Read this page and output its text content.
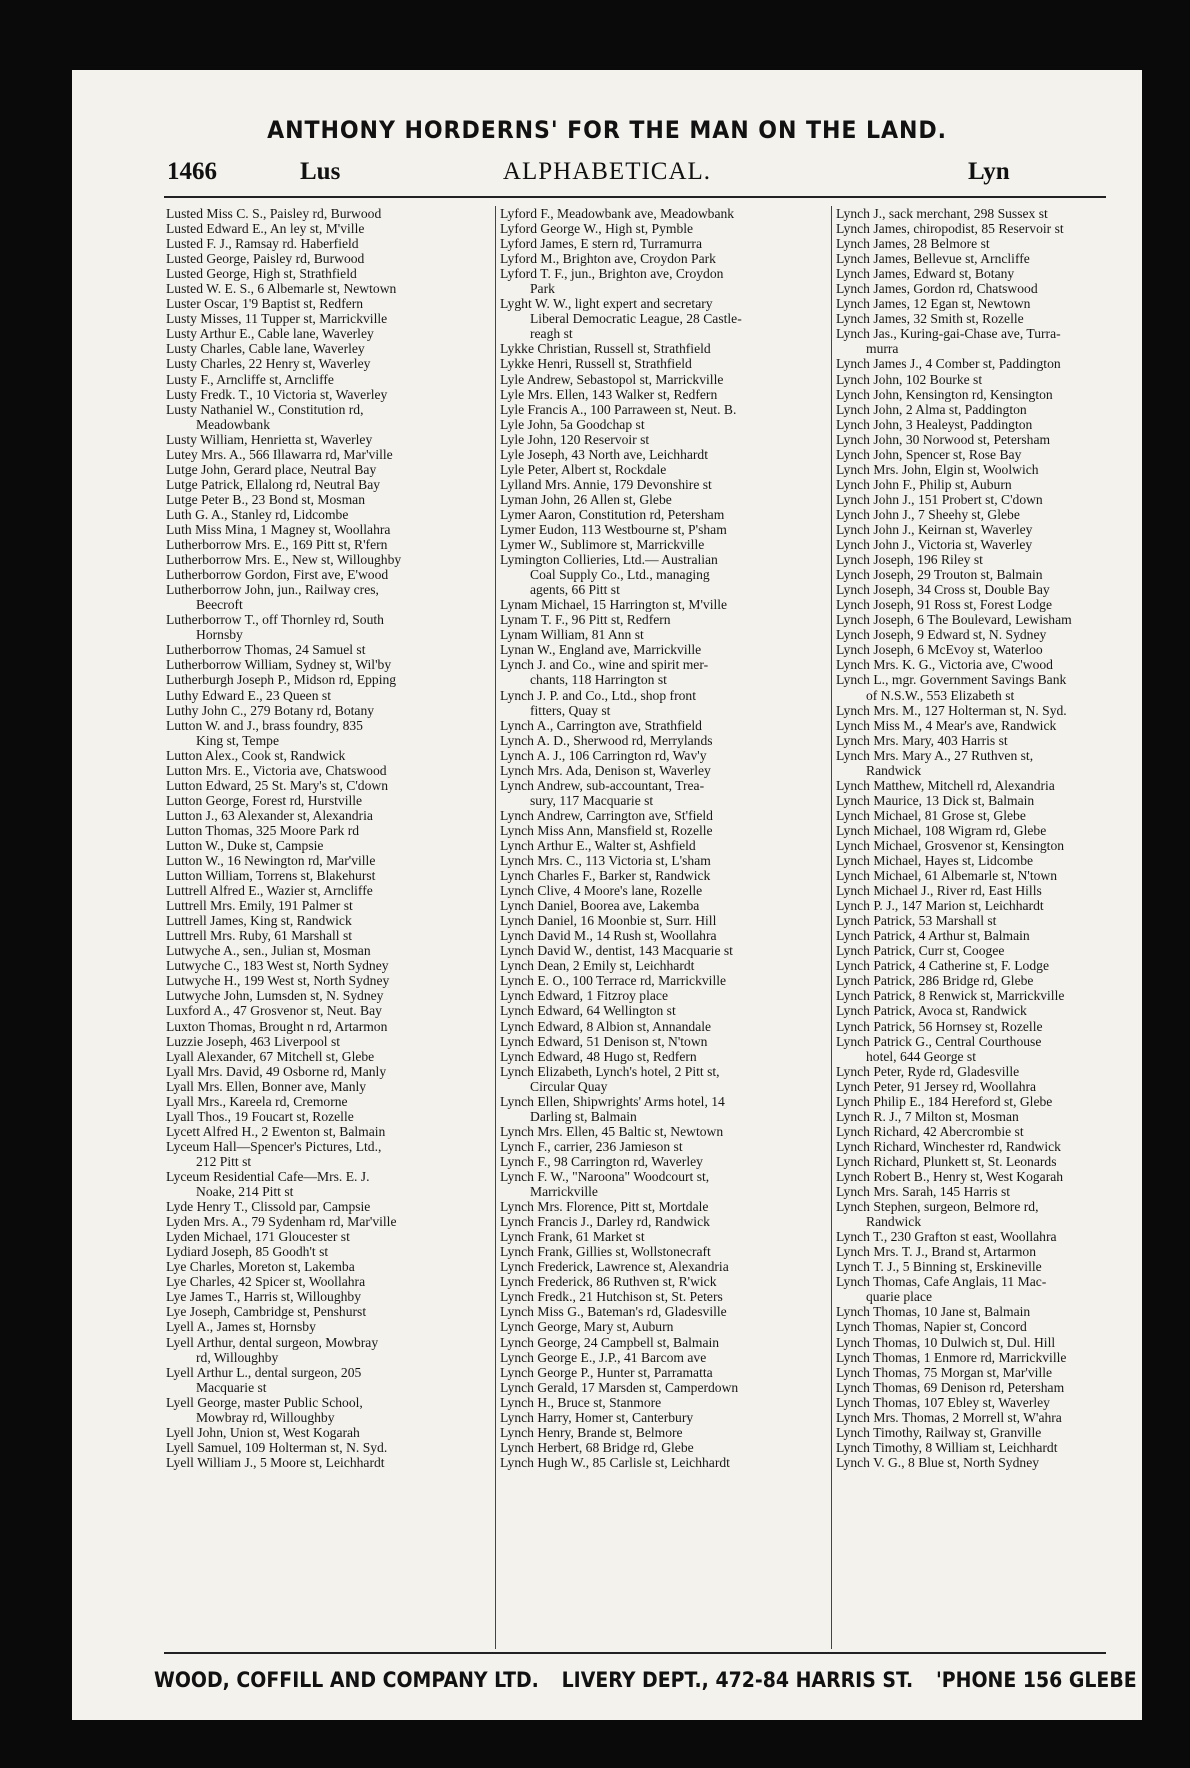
ANTHONY HORDERNS' FOR THE MAN ON THE LAND.
1466	Lus	ALPHABETICAL.	Lyn
Lusted Miss C. S., Paisley rd, Burwood
Lusted Edward E., An ley st, M'ville
Lusted F. J., Ramsay rd. Haberfield
Lusted George, Paisley rd, Burwood
Lusted George, High st, Strathfield
Lusted W. E. S., 6 Albemarle st, Newtown
Luster Oscar, 1'9 Baptist st, Redfern
Lusty Misses, 11 Tupper st, Marrickville
Lusty Arthur E., Cable lane, Waverley
Lusty Charles, Cable lane, Waverley
Lusty Charles, 22 Henry st, Waverley
Lusty F., Arncliffe st, Arncliffe
Lusty Fredk. T., 10 Victoria st, Waverley
Lusty Nathaniel W., Constitution rd,
Meadowbank
Lusty William, Henrietta st, Waverley
Lutey Mrs. A., 566 Illawarra rd, Mar'ville
Lutge John, Gerard place, Neutral Bay
Lutge Patrick, Ellalong rd, Neutral Bay
Lutge Peter B., 23 Bond st, Mosman
Luth G. A., Stanley rd, Lidcombe
Luth Miss Mina, 1 Magney st, Woollahra
Lutherborrow Mrs. E., 169 Pitt st, R'fern
Lutherborrow Mrs. E., New st, Willoughby
Lutherborrow Gordon, First ave, E'wood
Lutherborrow John, jun., Railway cres,
Beecroft
Lutherborrow T., off Thornley rd, South
Hornsby
Lutherborrow Thomas, 24 Samuel st
Lutherborrow William, Sydney st, Wil'by
Lutherburgh Joseph P., Midson rd, Epping
Luthy Edward E., 23 Queen st
Luthy John C., 279 Botany rd, Botany
Lutton W. and J., brass foundry, 835
King st, Tempe
Lutton Alex., Cook st, Randwick
Lutton Mrs. E., Victoria ave, Chatswood
Lutton Edward, 25 St. Mary's st, C'down
Lutton George, Forest rd, Hurstville
Lutton J., 63 Alexander st, Alexandria
Lutton Thomas, 325 Moore Park rd
Lutton W., Duke st, Campsie
Lutton W., 16 Newington rd, Mar'ville
Lutton William, Torrens st, Blakehurst
Luttrell Alfred E., Wazier st, Arncliffe
Luttrell Mrs. Emily, 191 Palmer st
Luttrell James, King st, Randwick
Luttrell Mrs. Ruby, 61 Marshall st
Lutwyche A., sen., Julian st, Mosman
Lutwyche C., 183 West st, North Sydney
Lutwyche H., 199 West st, North Sydney
Lutwyche John, Lumsden st, N. Sydney
Luxford A., 47 Grosvenor st, Neut. Bay
Luxton Thomas, Brought n rd, Artarmon
Luzzie Joseph, 463 Liverpool st
Lyall Alexander, 67 Mitchell st, Glebe
Lyall Mrs. David, 49 Osborne rd, Manly
Lyall Mrs. Ellen, Bonner ave, Manly
Lyall Mrs., Kareela rd, Cremorne
Lyall Thos., 19 Foucart st, Rozelle
Lycett Alfred H., 2 Ewenton st, Balmain
Lyceum Hall—Spencer's Pictures, Ltd.,
212 Pitt st
Lyceum Residential Cafe—Mrs. E. J.
Noake, 214 Pitt st
Lyde Henry T., Clissold par, Campsie
Lyden Mrs. A., 79 Sydenham rd, Mar'ville
Lyden Michael, 171 Gloucester st
Lydiard Joseph, 85 Goodh't st
Lye Charles, Moreton st, Lakemba
Lye Charles, 42 Spicer st, Woollahra
Lye James T., Harris st, Willoughby
Lye Joseph, Cambridge st, Penshurst
Lyell A., James st, Hornsby
Lyell Arthur, dental surgeon, Mowbray
rd, Willoughby
Lyell Arthur L., dental surgeon, 205
Macquarie st
Lyell George, master Public School,
Mowbray rd, Willoughby
Lyell John, Union st, West Kogarah
Lyell Samuel, 109 Holterman st, N. Syd.
Lyell William J., 5 Moore st, Leichhardt
Lyford F., Meadowbank ave, Meadowbank
Lyford George W., High st, Pymble
Lyford James, E stern rd, Turramurra
Lyford M., Brighton ave, Croydon Park
Lyford T. F., jun., Brighton ave, Croydon
Park
Lyght W. W., light expert and secretary
Liberal Democratic League, 28 Castle-
reagh st
Lykke Christian, Russell st, Strathfield
Lykke Henri, Russell st, Strathfield
Lyle Andrew, Sebastopol st, Marrickville
Lyle Mrs. Ellen, 143 Walker st, Redfern
Lyle Francis A., 100 Parraween st, Neut. B.
Lyle John, 5a Goodchap st
Lyle John, 120 Reservoir st
Lyle Joseph, 43 North ave, Leichhardt
Lyle Peter, Albert st, Rockdale
Lylland Mrs. Annie, 179 Devonshire st
Lyman John, 26 Allen st, Glebe
Lymer Aaron, Constitution rd, Petersham
Lymer Eudon, 113 Westbourne st, P'sham
Lymer W., Sublimore st, Marrickville
Lymington Collieries, Ltd.— Australian
Coal Supply Co., Ltd., managing
agents, 66 Pitt st
Lynam Michael, 15 Harrington st, M'ville
Lynam T. F., 96 Pitt st, Redfern
Lynam William, 81 Ann st
Lynan W., England ave, Marrickville
Lynch J. and Co., wine and spirit mer-
chants, 118 Harrington st
Lynch J. P. and Co., Ltd., shop front
fitters, Quay st
Lynch A., Carrington ave, Strathfield
Lynch A. D., Sherwood rd, Merrylands
Lynch A. J., 106 Carrington rd, Wav'y
Lynch Mrs. Ada, Denison st, Waverley
Lynch Andrew, sub-accountant, Trea-
sury, 117 Macquarie st
Lynch Andrew, Carrington ave, St'field
Lynch Miss Ann, Mansfield st, Rozelle
Lynch Arthur E., Walter st, Ashfield
Lynch Mrs. C., 113 Victoria st, L'sham
Lynch Charles F., Barker st, Randwick
Lynch Clive, 4 Moore's lane, Rozelle
Lynch Daniel, Boorea ave, Lakemba
Lynch Daniel, 16 Moonbie st, Surr. Hill
Lynch David M., 14 Rush st, Woollahra
Lynch David W., dentist, 143 Macquarie st
Lynch Dean, 2 Emily st, Leichhardt
Lynch E. O., 100 Terrace rd, Marrickville
Lynch Edward, 1 Fitzroy place
Lynch Edward, 64 Wellington st
Lynch Edward, 8 Albion st, Annandale
Lynch Edward, 51 Denison st, N'town
Lynch Edward, 48 Hugo st, Redfern
Lynch Elizabeth, Lynch's hotel, 2 Pitt st,
Circular Quay
Lynch Ellen, Shipwrights' Arms hotel, 14
Darling st, Balmain
Lynch Mrs. Ellen, 45 Baltic st, Newtown
Lynch F., carrier, 236 Jamieson st
Lynch F., 98 Carrington rd, Waverley
Lynch F. W., "Naroona" Woodcourt st,
Marrickville
Lynch Mrs. Florence, Pitt st, Mortdale
Lynch Francis J., Darley rd, Randwick
Lynch Frank, 61 Market st
Lynch Frank, Gillies st, Wollstonecraft
Lynch Frederick, Lawrence st, Alexandria
Lynch Frederick, 86 Ruthven st, R'wick
Lynch Fredk., 21 Hutchison st, St. Peters
Lynch Miss G., Bateman's rd, Gladesville
Lynch George, Mary st, Auburn
Lynch George, 24 Campbell st, Balmain
Lynch George E., J.P., 41 Barcom ave
Lynch George P., Hunter st, Parramatta
Lynch Gerald, 17 Marsden st, Camperdown
Lynch H., Bruce st, Stanmore
Lynch Harry, Homer st, Canterbury
Lynch Henry, Brande st, Belmore
Lynch Herbert, 68 Bridge rd, Glebe
Lynch Hugh W., 85 Carlisle st, Leichhardt
Lynch J., sack merchant, 298 Sussex st
Lynch James, chiropodist, 85 Reservoir st
Lynch James, 28 Belmore st
Lynch James, Bellevue st, Arncliffe
Lynch James, Edward st, Botany
Lynch James, Gordon rd, Chatswood
Lynch James, 12 Egan st, Newtown
Lynch James, 32 Smith st, Rozelle
Lynch Jas., Kuring-gai-Chase ave, Turra-
murra
Lynch James J., 4 Comber st, Paddington
Lynch John, 102 Bourke st
Lynch John, Kensington rd, Kensington
Lynch John, 2 Alma st, Paddington
Lynch John, 3 Healeyst, Paddington
Lynch John, 30 Norwood st, Petersham
Lynch John, Spencer st, Rose Bay
Lynch Mrs. John, Elgin st, Woolwich
Lynch John F., Philip st, Auburn
Lynch John J., 151 Probert st, C'down
Lynch John J., 7 Sheehy st, Glebe
Lynch John J., Keirnan st, Waverley
Lynch John J., Victoria st, Waverley
Lynch Joseph, 196 Riley st
Lynch Joseph, 29 Trouton st, Balmain
Lynch Joseph, 34 Cross st, Double Bay
Lynch Joseph, 91 Ross st, Forest Lodge
Lynch Joseph, 6 The Boulevard, Lewisham
Lynch Joseph, 9 Edward st, N. Sydney
Lynch Joseph, 6 McEvoy st, Waterloo
Lynch Mrs. K. G., Victoria ave, C'wood
Lynch L., mgr. Government Savings Bank
of N.S.W., 553 Elizabeth st
Lynch Mrs. M., 127 Holterman st, N. Syd.
Lynch Miss M., 4 Mear's ave, Randwick
Lynch Mrs. Mary, 403 Harris st
Lynch Mrs. Mary A., 27 Ruthven st,
Randwick
Lynch Matthew, Mitchell rd, Alexandria
Lynch Maurice, 13 Dick st, Balmain
Lynch Michael, 81 Grose st, Glebe
Lynch Michael, 108 Wigram rd, Glebe
Lynch Michael, Grosvenor st, Kensington
Lynch Michael, Hayes st, Lidcombe
Lynch Michael, 61 Albemarle st, N'town
Lynch Michael J., River rd, East Hills
Lynch P. J., 147 Marion st, Leichhardt
Lynch Patrick, 53 Marshall st
Lynch Patrick, 4 Arthur st, Balmain
Lynch Patrick, Curr st, Coogee
Lynch Patrick, 4 Catherine st, F. Lodge
Lynch Patrick, 286 Bridge rd, Glebe
Lynch Patrick, 8 Renwick st, Marrickville
Lynch Patrick, Avoca st, Randwick
Lynch Patrick, 56 Hornsey st, Rozelle
Lynch Patrick G., Central Courthouse
hotel, 644 George st
Lynch Peter, Ryde rd, Gladesville
Lynch Peter, 91 Jersey rd, Woollahra
Lynch Philip E., 184 Hereford st, Glebe
Lynch R. J., 7 Milton st, Mosman
Lynch Richard, 42 Abercrombie st
Lynch Richard, Winchester rd, Randwick
Lynch Richard, Plunkett st, St. Leonards
Lynch Robert B., Henry st, West Kogarah
Lynch Mrs. Sarah, 145 Harris st
Lynch Stephen, surgeon, Belmore rd,
Randwick
Lynch T., 230 Grafton st east, Woollahra
Lynch Mrs. T. J., Brand st, Artarmon
Lynch T. J., 5 Binning st, Erskineville
Lynch Thomas, Cafe Anglais, 11 Mac-
quarie place
Lynch Thomas, 10 Jane st, Balmain
Lynch Thomas, Napier st, Concord
Lynch Thomas, 10 Dulwich st, Dul. Hill
Lynch Thomas, 1 Enmore rd, Marrickville
Lynch Thomas, 75 Morgan st, Mar'ville
Lynch Thomas, 69 Denison rd, Petersham
Lynch Thomas, 107 Ebley st, Waverley
Lynch Mrs. Thomas, 2 Morrell st, W'ahra
Lynch Timothy, Railway st, Granville
Lynch Timothy, 8 William st, Leichhardt
Lynch V. G., 8 Blue st, North Sydney
WOOD, COFFILL AND COMPANY LTD. LIVERY DEPT., 472-84 HARRIS ST. 'PHONE 156 GLEBE
